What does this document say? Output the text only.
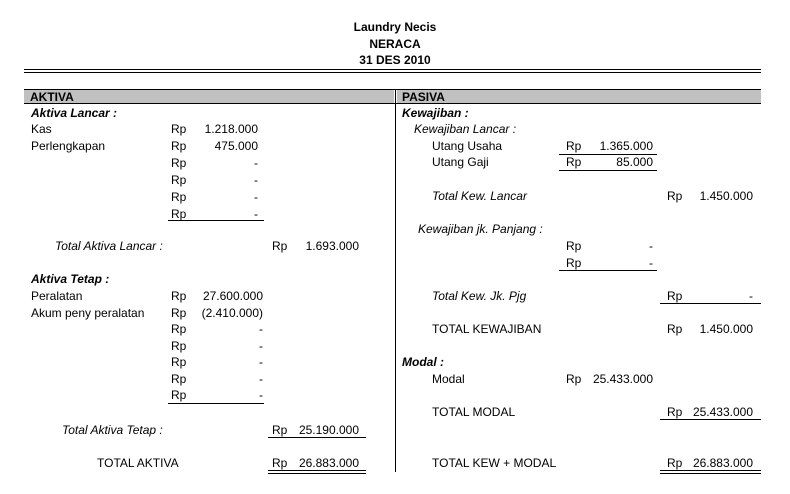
Laundry Necis
NERACA
31 DES 2010
AKTIVA	PASIVA
Aktiva Lancar :
Kas	Rp	1.218.000
Perlengkapan	Rp	475.000
Rp	-
Rp	-
Rp	-
Rp	-
Total Aktiva Lancar :	Rp	1.693.000
Aktiva Tetap :
Peralatan	Rp	27.600.000
Akum peny peralatan Rp	(2.410.000)
Rp	-
Rp	-
Rp	-
Rp	-
Rp	-
Total Aktiva Tetap :	Rp 25.190.000
TOTAL AKTIVA	Rp 26.883.000
Kewajiban :
Kewajiban Lancar :
Utang Usaha	Rp	1.365.000
Utang Gaji	Rp	85.000
Total Kew. Lancar	Rp	1.450.000
Kewajiban jk. Panjang :
Rp	-
Rp	-
Total Kew. Jk. Pjg	Rp	-
TOTAL KEWAJIBAN	Rp	1.450.000
Modal :
Modal	Rp 25.433.000
TOTAL MODAL	Rp 25.433.000
TOTAL KEW + MODAL	Rp 26.883.000
